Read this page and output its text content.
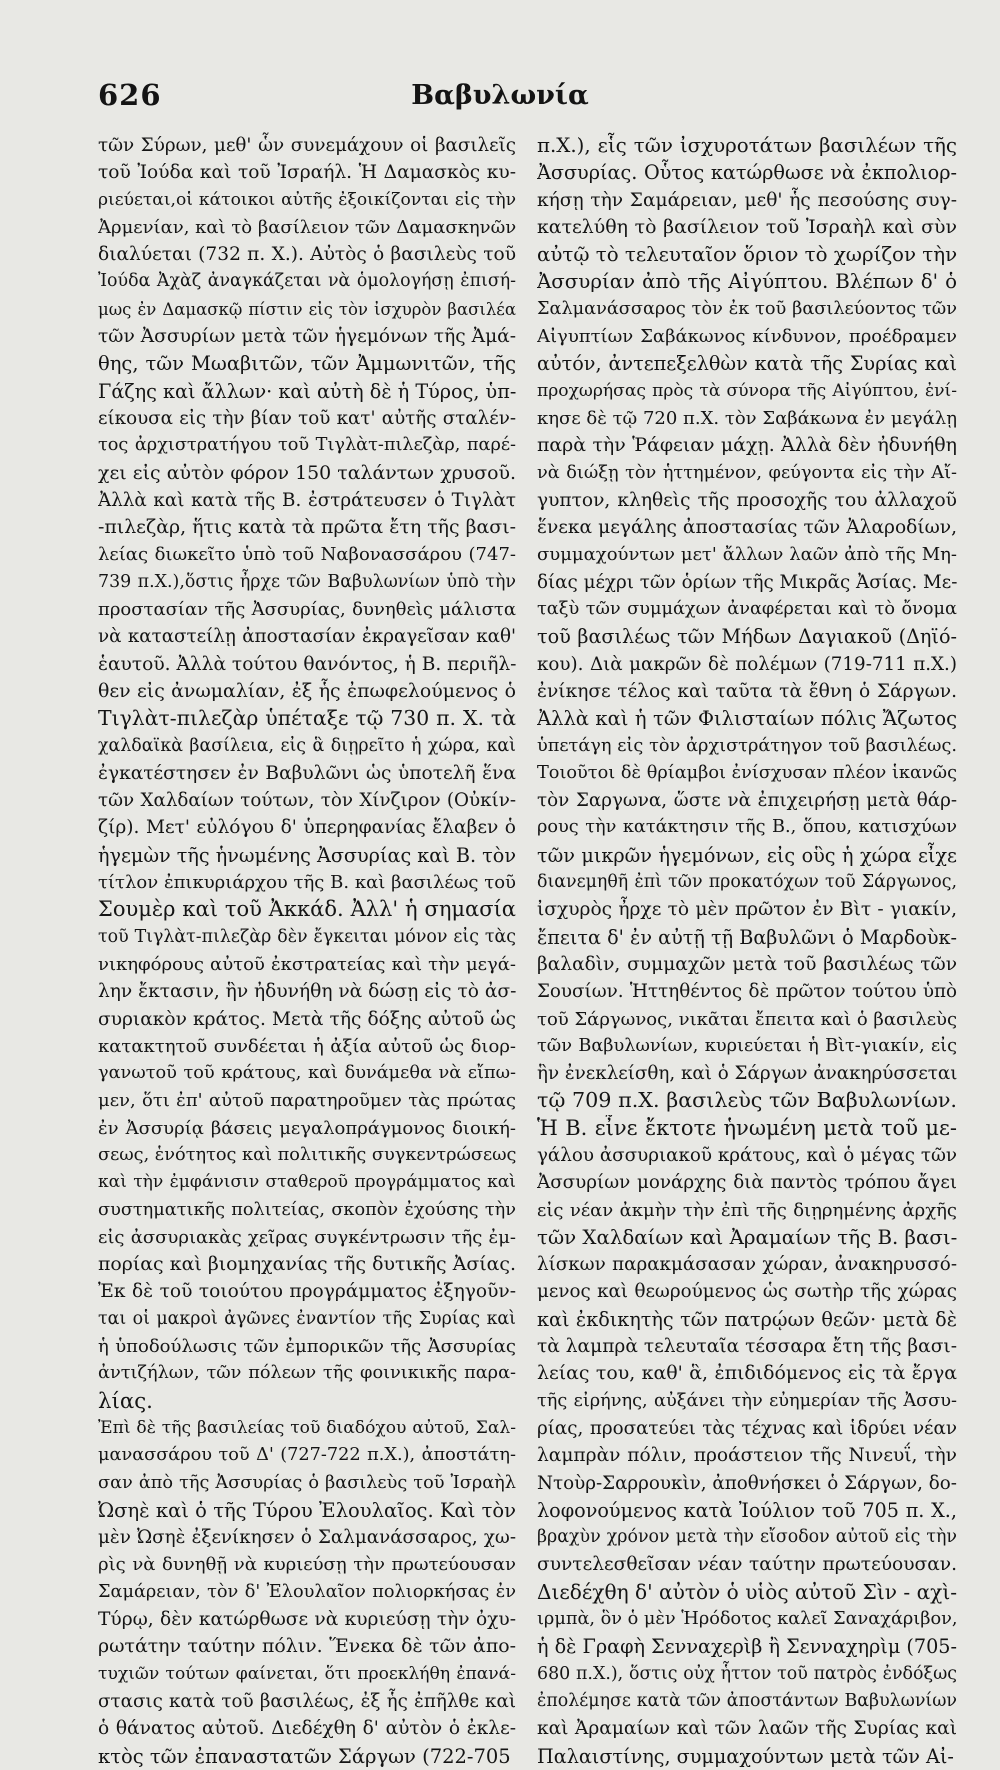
626	Βαβυλωνία
τῶν Σύρων, μεθ' ὧν συνεμάχουν οἱ βασιλεῖς
τοῦ Ἰούδα καὶ τοῦ Ἰσραήλ. Ἡ Δαμασκὸς κυ-
ριεύεται,οἱ κάτοικοι αὐτῆς ἐξοικίζονται εἰς τὴν
Ἀρμενίαν, καὶ τὸ βασίλειον τῶν Δαμασκηνῶν
διαλύεται (732 π. Χ.). Αὐτὸς ὁ βασιλεὺς τοῦ
Ἰούδα Ἀχὰζ ἀναγκάζεται νὰ ὁμολογήσῃ ἐπισή-
μως ἐν Δαμασκῷ πίστιν εἰς τὸν ἰσχυρὸν βασιλέα
τῶν Ἀσσυρίων μετὰ τῶν ἡγεμόνων τῆς Ἀμά-
θης, τῶν Μωαβιτῶν, τῶν Ἀμμωνιτῶν, τῆς
Γάζης καὶ ἄλλων· καὶ αὐτὴ δὲ ἡ Τύρος, ὑπ-
είκουσα εἰς τὴν βίαν τοῦ κατ' αὐτῆς σταλέν-
τος ἀρχιστρατήγου τοῦ Τιγλὰτ-πιλεζὰρ, παρέ-
χει εἰς αὐτὸν φόρον 150 ταλάντων χρυσοῦ.
Ἀλλὰ καὶ κατὰ τῆς Β. ἐστράτευσεν ὁ Τιγλὰτ
-πιλεζὰρ, ἥτις κατὰ τὰ πρῶτα ἔτη τῆς βασι-
λείας διωκεῖτο ὑπὸ τοῦ Ναβονασσάρου (747-
739 π.Χ.),ὅστις ἦρχε τῶν Βαβυλωνίων ὑπὸ τὴν
προστασίαν τῆς Ἀσσυρίας, δυνηθεὶς μάλιστα
νὰ καταστείλῃ ἀποστασίαν ἐκραγεῖσαν καθ'
ἑαυτοῦ. Ἀλλὰ τούτου θανόντος, ἡ Β. περιῆλ-
θεν εἰς ἀνωμαλίαν, ἐξ ἧς ἐπωφελούμενος ὁ
Τιγλὰτ-πιλεζὰρ ὑπέταξε τῷ 730 π. Χ. τὰ
χαλδαϊκὰ βασίλεια, εἰς ἃ διῃρεῖτο ἡ χώρα, καὶ
ἐγκατέστησεν ἐν Βαβυλῶνι ὡς ὑποτελῆ ἕνα
τῶν Χαλδαίων τούτων, τὸν Χίνζιρον (Οὐκίν-
ζίρ). Μετ' εὐλόγου δ' ὑπερηφανίας ἔλαβεν ὁ
ἡγεμὼν τῆς ἡνωμένης Ἀσσυρίας καὶ Β. τὸν
τίτλον ἐπικυριάρχου τῆς Β. καὶ βασιλέως τοῦ
Σουμὲρ καὶ τοῦ Ἀκκάδ. Ἀλλ' ἡ σημασία
τοῦ Τιγλὰτ-πιλεζὰρ δὲν ἔγκειται μόνον εἰς τὰς
νικηφόρους αὐτοῦ ἐκστρατείας καὶ τὴν μεγά-
λην ἔκτασιν, ἣν ἠδυνήθη νὰ δώσῃ εἰς τὸ ἀσ-
συριακὸν κράτος. Μετὰ τῆς δόξης αὐτοῦ ὡς
κατακτητοῦ συνδέεται ἡ ἀξία αὐτοῦ ὡς διορ-
γανωτοῦ τοῦ κράτους, καὶ δυνάμεθα νὰ εἴπω-
μεν, ὅτι ἐπ' αὐτοῦ παρατηροῦμεν τὰς πρώτας
ἐν Ἀσσυρίᾳ βάσεις μεγαλοπράγμονος διοική-
σεως, ἑνότητος καὶ πολιτικῆς συγκεντρώσεως
καὶ τὴν ἐμφάνισιν σταθεροῦ προγράμματος καὶ
συστηματικῆς πολιτείας, σκοπὸν ἐχούσης τὴν
εἰς ἀσσυριακὰς χεῖρας συγκέντρωσιν τῆς ἐμ-
πορίας καὶ βιομηχανίας τῆς δυτικῆς Ἀσίας.
Ἐκ δὲ τοῦ τοιούτου προγράμματος ἐξηγοῦν-
ται οἱ μακροὶ ἀγῶνες ἐναντίον τῆς Συρίας καὶ
ἡ ὑποδούλωσις τῶν ἐμπορικῶν τῆς Ἀσσυρίας
ἀντιζήλων, τῶν πόλεων τῆς φοινικικῆς παρα-
λίας.
Ἐπὶ δὲ τῆς βασιλείας τοῦ διαδόχου αὐτοῦ, Σαλ-
μανασσάρου τοῦ Δ' (727-722 π.Χ.), ἀποστάτη-
σαν ἀπὸ τῆς Ἀσσυρίας ὁ βασιλεὺς τοῦ Ἰσραὴλ
Ὠσηὲ καὶ ὁ τῆς Τύρου Ἐλουλαῖος. Καὶ τὸν
μὲν Ὠσηὲ ἐξενίκησεν ὁ Σαλμανάσσαρος, χω-
ρὶς νὰ δυνηθῇ νὰ κυριεύσῃ τὴν πρωτεύουσαν
Σαμάρειαν, τὸν δ' Ἐλουλαῖον πολιορκήσας ἐν
Τύρῳ, δὲν κατώρθωσε νὰ κυριεύσῃ τὴν ὀχυ-
ρωτάτην ταύτην πόλιν. Ἕνεκα δὲ τῶν ἀπο-
τυχιῶν τούτων φαίνεται, ὅτι προεκλήθη ἐπανά-
στασις κατὰ τοῦ βασιλέως, ἐξ ἧς ἐπῆλθε καὶ
ὁ θάνατος αὐτοῦ. Διεδέχθη δ' αὐτὸν ὁ ἐκλε-
κτὸς τῶν ἐπαναστατῶν Σάργων (722-705
π.Χ.), εἷς τῶν ἰσχυροτάτων βασιλέων τῆς
Ἀσσυρίας. Οὗτος κατώρθωσε νὰ ἐκπολιορ-
κήσῃ τὴν Σαμάρειαν, μεθ' ἧς πεσούσης συγ-
κατελύθη τὸ βασίλειον τοῦ Ἰσραὴλ καὶ σὺν
αὐτῷ τὸ τελευταῖον ὅριον τὸ χωρίζον τὴν
Ἀσσυρίαν ἀπὸ τῆς Αἰγύπτου. Βλέπων δ' ὁ
Σαλμανάσσαρος τὸν ἐκ τοῦ βασιλεύοντος τῶν
Αἰγυπτίων Σαβάκωνος κίνδυνον, προέδραμεν
αὐτόν, ἀντεπεξελθὼν κατὰ τῆς Συρίας καὶ
προχωρήσας πρὸς τὰ σύνορα τῆς Αἰγύπτου, ἐνί-
κησε δὲ τῷ 720 π.Χ. τὸν Σαβάκωνα ἐν μεγάλῃ
παρὰ τὴν Ῥάφειαν μάχῃ. Ἀλλὰ δὲν ἠδυνήθη
νὰ διώξῃ τὸν ἡττημένον, φεύγοντα εἰς τὴν Αἴ-
γυπτον, κληθεὶς τῆς προσοχῆς του ἀλλαχοῦ
ἕνεκα μεγάλης ἀποστασίας τῶν Ἀλαροδίων,
συμμαχούντων μετ' ἄλλων λαῶν ἀπὸ τῆς Μη-
δίας μέχρι τῶν ὁρίων τῆς Μικρᾶς Ἀσίας. Με-
ταξὺ τῶν συμμάχων ἀναφέρεται καὶ τὸ ὄνομα
τοῦ βασιλέως τῶν Μήδων Δαγιακοῦ (Δηϊό-
κου). Διὰ μακρῶν δὲ πολέμων (719-711 π.Χ.)
ἐνίκησε τέλος καὶ ταῦτα τὰ ἔθνη ὁ Σάργων.
Ἀλλὰ καὶ ἡ τῶν Φιλισταίων πόλις Ἄζωτος
ὑπετάγη εἰς τὸν ἀρχιστράτηγον τοῦ βασιλέως.
Τοιοῦτοι δὲ θρίαμβοι ἐνίσχυσαν πλέον ἱκανῶς
τὸν Σαργωνα, ὥστε νὰ ἐπιχειρήσῃ μετὰ θάρ-
ρους τὴν κατάκτησιν τῆς Β., ὅπου, κατισχύων
τῶν μικρῶν ἡγεμόνων, εἰς οὓς ἡ χώρα εἶχε
διανεμηθῆ ἐπὶ τῶν προκατόχων τοῦ Σάργωνος,
ἰσχυρὸς ἦρχε τὸ μὲν πρῶτον ἐν Βὶτ - γιακίν,
ἔπειτα δ' ἐν αὐτῇ τῇ Βαβυλῶνι ὁ Μαρδοὺκ-
βαλαδὶν, συμμαχῶν μετὰ τοῦ βασιλέως τῶν
Σουσίων. Ἡττηθέντος δὲ πρῶτον τούτου ὑπὸ
τοῦ Σάργωνος, νικᾶται ἔπειτα καὶ ὁ βασιλεὺς
τῶν Βαβυλωνίων, κυριεύεται ἡ Βὶτ-γιακίν, εἰς
ἣν ἐνεκλείσθη, καὶ ὁ Σάργων ἀνακηρύσσεται
τῷ 709 π.Χ. βασιλεὺς τῶν Βαβυλωνίων.
Ἡ Β. εἶνε ἔκτοτε ἡνωμένη μετὰ τοῦ με-
γάλου ἀσσυριακοῦ κράτους, καὶ ὁ μέγας τῶν
Ἀσσυρίων μονάρχης διὰ παντὸς τρόπου ἄγει
εἰς νέαν ἀκμὴν τὴν ἐπὶ τῆς διῃρημένης ἀρχῆς
τῶν Χαλδαίων καὶ Ἀραμαίων τῆς Β. βασι-
λίσκων παρακμάσασαν χώραν, ἀνακηρυσσό-
μενος καὶ θεωρούμενος ὡς σωτὴρ τῆς χώρας
καὶ ἐκδικητὴς τῶν πατρῴων θεῶν· μετὰ δὲ
τὰ λαμπρὰ τελευταῖα τέσσαρα ἔτη τῆς βασι-
λείας του, καθ' ἃ, ἐπιδιδόμενος εἰς τὰ ἔργα
τῆς εἰρήνης, αὐξάνει τὴν εὐημερίαν τῆς Ἀσσυ-
ρίας, προσατεύει τὰς τέχνας καὶ ἱδρύει νέαν
λαμπρὰν πόλιν, προάστειον τῆς Νινευΐ, τὴν
Ντοὺρ-Σαρρουκὶν, ἀποθνήσκει ὁ Σάργων, δο-
λοφονούμενος κατὰ Ἰούλιον τοῦ 705 π. Χ.,
βραχὺν χρόνον μετὰ τὴν εἴσοδον αὐτοῦ εἰς τὴν
συντελεσθεῖσαν νέαν ταύτην πρωτεύουσαν.
Διεδέχθη δ' αὐτὸν ὁ υἱὸς αὐτοῦ Σὶν - αχὶ-
ιρμπὰ, ὃν ὁ μὲν Ἡρόδοτος καλεῖ Σαναχάριβον,
ἡ δὲ Γραφὴ Σενναχερὶβ ἢ Σενναχηρὶμ (705-
680 π.Χ.), ὅστις οὐχ ἧττον τοῦ πατρὸς ἐνδόξως
ἐπολέμησε κατὰ τῶν ἀποστάντων Βαβυλωνίων
καὶ Ἀραμαίων καὶ τῶν λαῶν τῆς Συρίας καὶ
Παλαιστίνης, συμμαχούντων μετὰ τῶν Αἰ-
